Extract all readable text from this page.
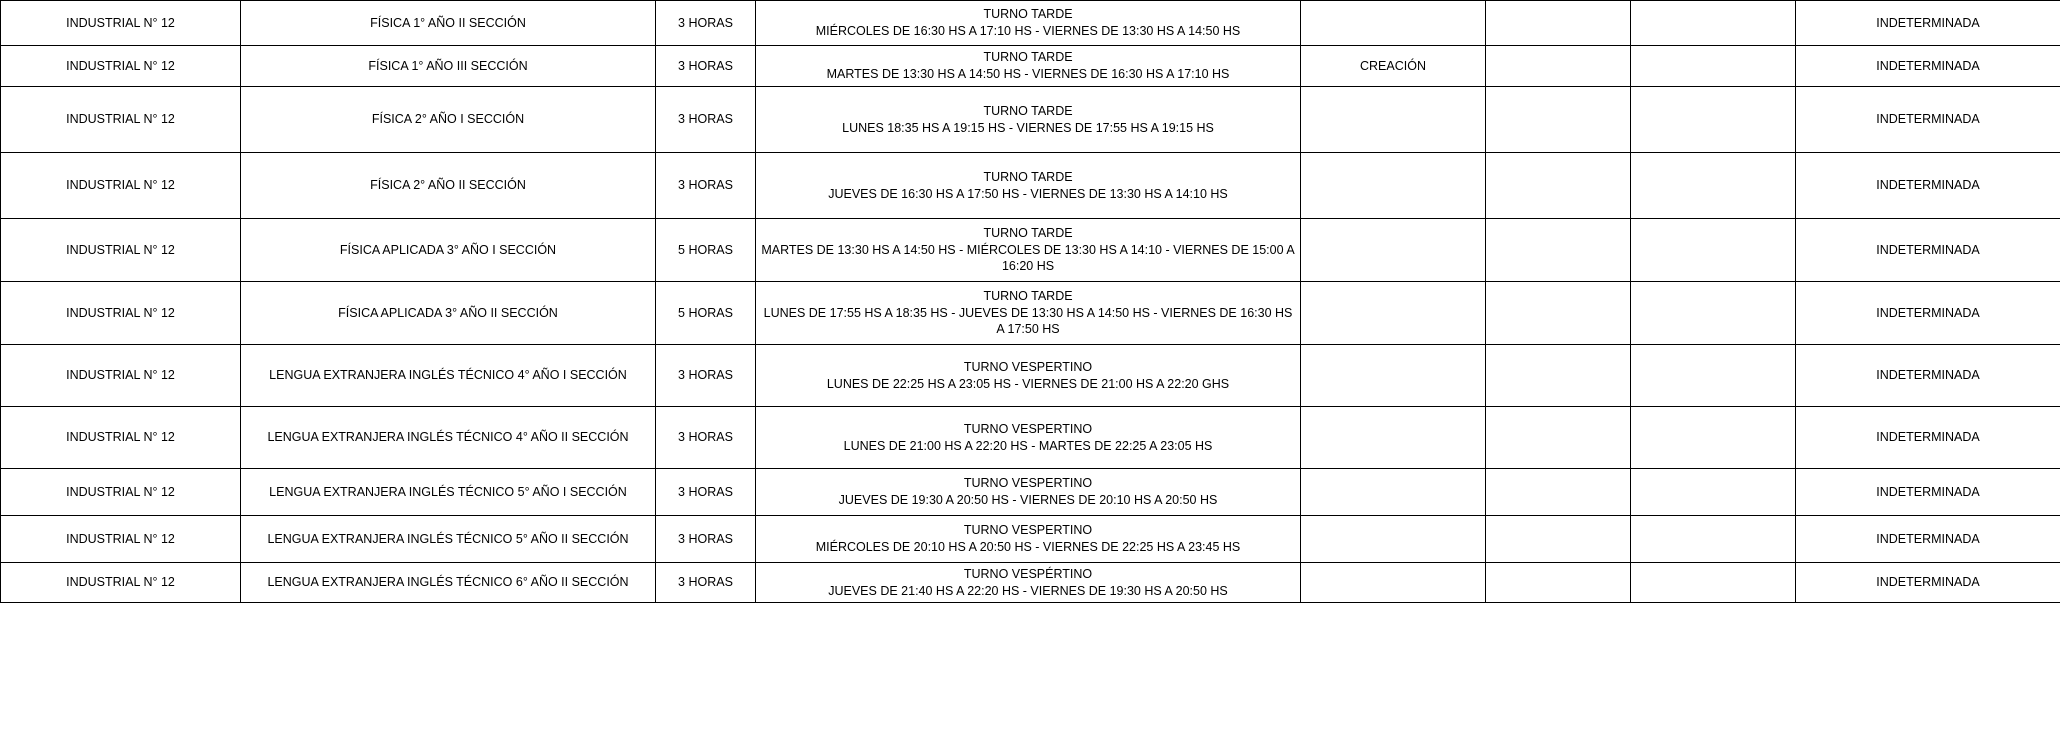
INDUSTRIAL N° 12	FÍSICA 1° AÑO II SECCIÓN	3 HORAS	TURNO TARDE
MIÉRCOLES DE 16:30 HS A 17:10 HS - VIERNES DE 13:30 HS A 14:50 HS				INDETERMINADA
INDUSTRIAL N° 12	FÍSICA 1° AÑO III SECCIÓN	3 HORAS	TURNO TARDE
MARTES DE 13:30 HS A 14:50 HS - VIERNES DE 16:30 HS A 17:10 HS	CREACIÓN			INDETERMINADA
INDUSTRIAL N° 12	FÍSICA 2° AÑO I SECCIÓN	3 HORAS	TURNO TARDE
LUNES 18:35 HS A 19:15 HS - VIERNES DE 17:55 HS A 19:15 HS				INDETERMINADA
INDUSTRIAL N° 12	FÍSICA 2° AÑO II SECCIÓN	3 HORAS	TURNO TARDE
JUEVES DE 16:30 HS A 17:50 HS - VIERNES DE 13:30 HS A 14:10 HS				INDETERMINADA
INDUSTRIAL N° 12	FÍSICA APLICADA 3° AÑO I SECCIÓN	5 HORAS	TURNO TARDE
MARTES DE 13:30 HS A 14:50 HS - MIÉRCOLES DE 13:30 HS A 14:10 - VIERNES DE 15:00 A 16:20 HS				INDETERMINADA
INDUSTRIAL N° 12	FÍSICA APLICADA 3° AÑO II SECCIÓN	5 HORAS	TURNO TARDE
LUNES DE 17:55 HS A 18:35 HS - JUEVES DE 13:30 HS A 14:50 HS - VIERNES DE 16:30 HS A 17:50 HS				INDETERMINADA
INDUSTRIAL N° 12	LENGUA EXTRANJERA INGLÉS TÉCNICO 4° AÑO I SECCIÓN	3 HORAS	TURNO VESPERTINO
LUNES DE 22:25 HS A 23:05 HS - VIERNES DE 21:00 HS A 22:20 GHS				INDETERMINADA
INDUSTRIAL N° 12	LENGUA EXTRANJERA INGLÉS TÉCNICO 4° AÑO II SECCIÓN	3 HORAS	TURNO VESPERTINO
LUNES DE 21:00 HS A 22:20 HS - MARTES DE 22:25 A 23:05 HS				INDETERMINADA
INDUSTRIAL N° 12	LENGUA EXTRANJERA INGLÉS TÉCNICO 5° AÑO I SECCIÓN	3 HORAS	TURNO VESPERTINO
JUEVES DE 19:30 A 20:50 HS - VIERNES DE 20:10 HS A 20:50 HS				INDETERMINADA
INDUSTRIAL N° 12	LENGUA EXTRANJERA INGLÉS TÉCNICO 5° AÑO II SECCIÓN	3 HORAS	TURNO VESPERTINO
MIÉRCOLES DE 20:10 HS A 20:50 HS - VIERNES DE 22:25 HS A 23:45 HS				INDETERMINADA
INDUSTRIAL N° 12	LENGUA EXTRANJERA INGLÉS TÉCNICO 6° AÑO II SECCIÓN	3 HORAS	TURNO VESPÉRTINO
JUEVES DE 21:40 HS A 22:20 HS - VIERNES DE 19:30 HS A 20:50 HS				INDETERMINADA
